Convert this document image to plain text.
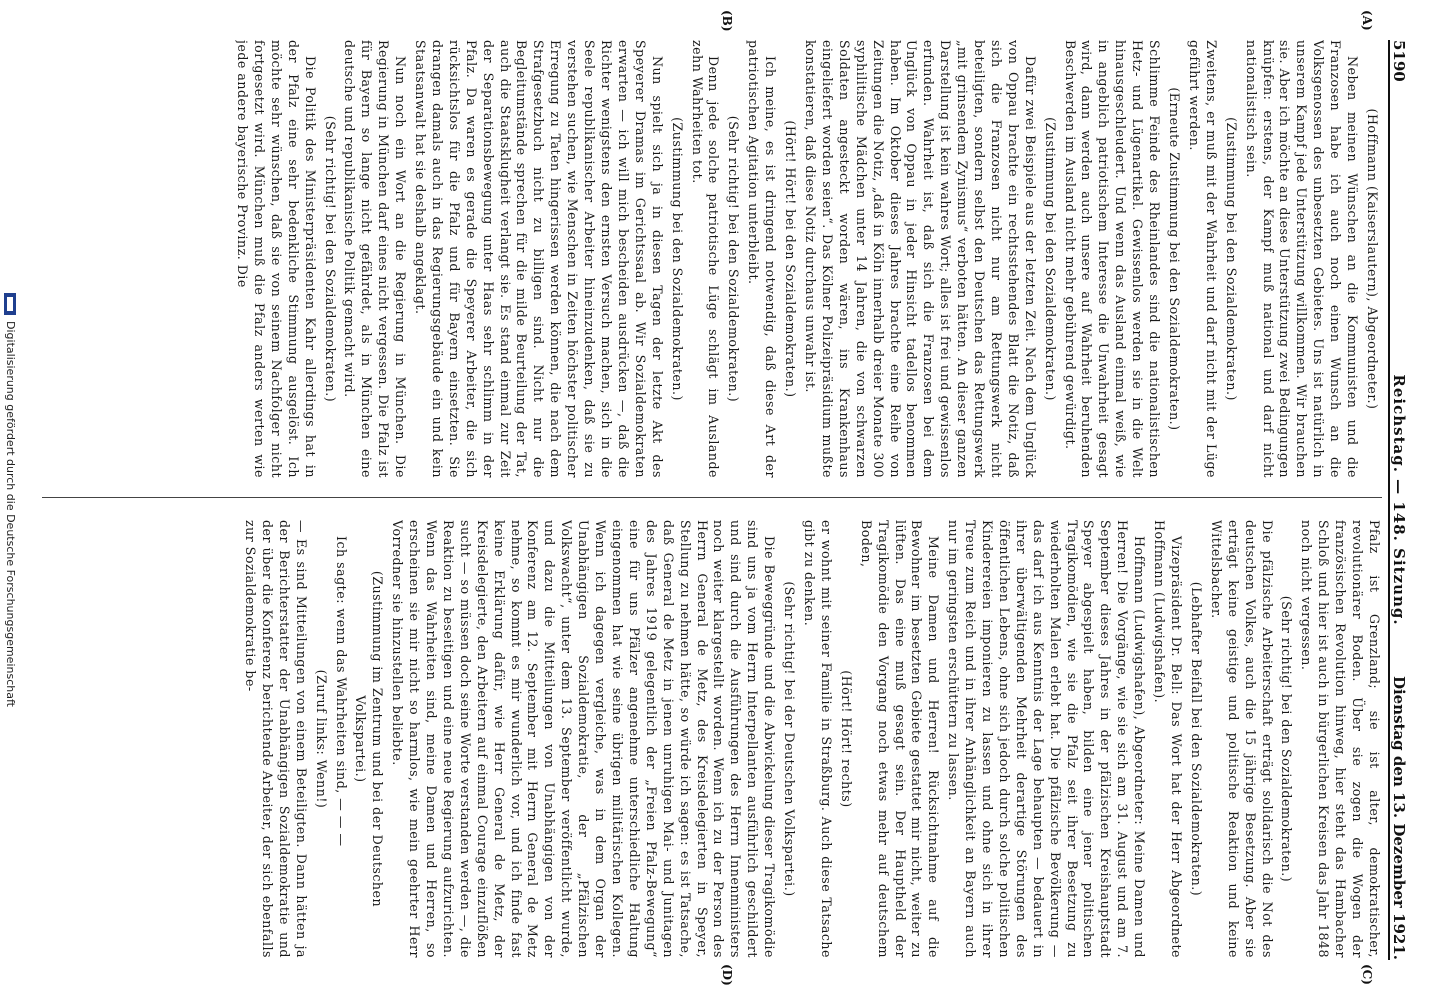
5190
Reichstag. — 148. Sitzung.
Dienstag den 13. Dezember 1921.
(A)
(B)
(C)
(D)

(Hoffmann (Kaiserslautern), Abgeordneter.)

Neben meinen Wünschen an die Kommunisten und die Franzosen habe ich auch noch einen Wunsch an die Volksgenossen des unbesetzten Gebietes. Uns ist natürlich in unserem Kampf jede Unterstützung willkommen. Wir brauchen sie. Aber ich möchte an diese Unterstützung zwei Bedingungen knüpfen: erstens, der Kampf muß national und darf nicht nationalistisch sein.

(Zustimmung bei den Sozialdemokraten.)

Zweitens, er muß mit der Wahrheit und darf nicht mit der Lüge geführt werden.

(Erneute Zustimmung bei den Sozialdemokraten.)

Schlimme Feinde des Rheinlandes sind die nationalistischen Hetz- und Lügenartikel. Gewissenlos werden sie in die Welt hinausgeschleudert. Und wenn das Ausland einmal weiß, wie in angeblich patriotischem Interesse die Unwahrheit gesagt wird, dann werden auch unsere auf Wahrheit beruhenden Beschwerden im Ausland nicht mehr gebührend gewürdigt.

(Zustimmung bei den Sozialdemokraten.)

Dafür zwei Beispiele aus der letzten Zeit. Nach dem Unglück von Oppau brachte ein rechtsstehendes Blatt die Notiz, daß sich die Franzosen nicht nur am Rettungswerk nicht beteiligten, sondern selbst den Deutschen das Rettungswerk „mit grinsendem Zynismus“ verboten hätten. An dieser ganzen Darstellung ist kein wahres Wort; alles ist frei und gewissenlos erfunden. Wahrheit ist, daß sich die Franzosen bei dem Unglück von Oppau in jeder Hinsicht tadellos benommen haben. Im Oktober dieses Jahres brachte eine Reihe von Zeitungen die Notiz, „daß in Köln innerhalb dreier Monate 300 syphilitische Mädchen unter 14 Jahren, die von schwarzen Soldaten angesteckt worden wären, ins Krankenhaus eingeliefert worden seien“. Das Kölner Polizeipräsidium mußte konstatieren, daß diese Notiz durchaus unwahr ist.

(Hört! Hört! bei den Sozialdemokraten.)

Ich meine, es ist dringend notwendig, daß diese Art der patriotischen Agitation unterbleibt.

(Sehr richtig! bei den Sozialdemokraten.)

Denn jede solche patriotische Lüge schlägt im Auslande zehn Wahrheiten tot.

(Zustimmung bei den Sozialdemokraten.)

Nun spielt sich ja in diesen Tagen der letzte Akt des Speyerer Dramas im Gerichtssaal ab. Wir Sozialdemokraten erwarten — ich will mich bescheiden ausdrücken —, daß die Richter wenigstens den ernsten Versuch machen, sich in die Seele republikanischer Arbeiter hineinzudenken, daß sie zu verstehen suchen, wie Menschen in Zeiten höchster politischer Erregung zu Taten hingerissen werden können, die nach dem Strafgesetzbuch nicht zu billigen sind. Nicht nur die Begleitumstände sprechen für die milde Beurteilung der Tat, auch die Staatsklugheit verlangt sie. Es stand einmal zur Zeit der Separationsbewegung unter Haas sehr schlimm in der Pfalz. Da waren es gerade die Speyerer Arbeiter, die sich rücksichtslos für die Pfalz und für Bayern einsetzten. Sie drangen damals auch in das Regierungsgebäude ein und kein Staatsanwalt hat sie deshalb angeklagt.

Nun noch ein Wort an die Regierung in München. Die Regierung in München darf eines nicht vergessen. Die Pfalz ist für Bayern so lange nicht gefährdet, als in München eine deutsche und republikanische Politik gemacht wird.

(Sehr richtig! bei den Sozialdemokraten.)

Die Politik des Ministerpräsidenten Kahr allerdings hat in der Pfalz eine sehr bedenkliche Stimmung ausgelöst. Ich möchte sehr wünschen, daß sie von seinem Nachfolger nicht fortgesetzt wird. München muß die Pfalz anders werten wie jede andere bayerische Provinz. Die

Pfalz ist Grenzland; sie ist alter, demokratischer, revolutionärer Boden. Über sie zogen die Wogen der französischen Revolution hinweg, hier steht das Hambacher Schloß und hier ist auch in bürgerlichen Kreisen das Jahr 1848 noch nicht vergessen.

(Sehr richtig! bei den Sozialdemokraten.)

Die pfälzische Arbeiterschaft erträgt solidarisch die Not des deutschen Volkes, auch die 15 jährige Besetzung. Aber sie erträgt keine geistige und politische Reaktion und keine Wittelsbacher.

(Lebhafter Beifall bei den Sozialdemokraten.)

Vizepräsident Dr. Bell: Das Wort hat der Herr Abgeordnete Hoffmann (Ludwigshafen).

Hoffmann (Ludwigshafen), Abgeordneter: Meine Damen und Herren! Die Vorgänge, wie sie sich am 31. August und am 7. September dieses Jahres in der pfälzischen Kreishauptstadt Speyer abgespielt haben, bilden eine jener politischen Tragikomödien, wie sie die Pfalz seit ihrer Besetzung zu wiederholten Malen erlebt hat. Die pfälzische Bevölkerung — das darf ich aus Kenntnis der Lage behaupten — bedauert in ihrer überwältigenden Mehrheit derartige Störungen des öffentlichen Lebens, ohne sich jedoch durch solche politischen Kinderereien imponieren zu lassen und ohne sich in ihrer Treue zum Reich und in ihrer Anhänglichkeit an Bayern auch nur im geringsten erschüttern zu lassen.

Meine Damen und Herren! Rücksichtnahme auf die Bewohner im besetzten Gebiete gestattet mir nicht, weiter zu lüften. Das eine muß gesagt sein. Der Hauptheld der Tragikomödie den Vorgang noch etwas mehr auf deutschem Boden,

(Hört! Hört! rechts)

er wohnt mit seiner Familie in Straßburg. Auch diese Tatsache gibt zu denken.

(Sehr richtig! bei der Deutschen Volkspartei.)

Die Beweggründe und die Abwickelung dieser Tragikomödie sind uns ja vom Herrn Interpellanten ausführlich geschildert und sind durch die Ausführungen des Herrn Innenministers noch weiter klargestellt worden. Wenn ich zu der Person des Herrn General de Metz, des Kreisdelegierten in Speyer, Stellung zu nehmen hätte, so würde ich sagen: es ist Tatsache, daß General de Metz in jenen unruhigen Mai- und Junitagen des Jahres 1919 gelegentlich der „Freien Pfalz-Bewegung“ eine für uns Pfälzer angenehme unterschiedliche Haltung eingenommen hat wie seine übrigen militärischen Kollegen. Wenn ich dagegen vergleiche, was in dem Organ der Unabhängigen Sozialdemokratie, der „Pfälzischen Volkswacht“, unter dem 13. September veröffentlicht wurde, und dazu die Mitteilungen von Unabhängigen von der Konferenz am 12. September mit Herrn General de Metz nehme, so kommt es mir wunderlich vor, und ich finde fast keine Erklärung dafür, wie Herr General de Metz, der Kreisdelegierte, den Arbeitern auf einmal Courage einzuflößen sucht — so müssen doch seine Worte verstanden werden —, die Reaktion zu beseitigen und eine neue Regierung aufzurichten. Wenn das Wahrheiten sind, meine Damen und Herren, so erscheinen sie mir nicht so harmlos, wie mein geehrter Herr Vorredner sie hinzustellen beliebte.

(Zustimmung im Zentrum und bei der Deutschen Volkspartei.)

Ich sagte: wenn das Wahrheiten sind, — — —

(Zuruf links: Wenn!)

— Es sind Mitteilungen von einem Beteiligten. Dann hätten ja der Berichterstatter der Unabhängigen Sozialdemokratie und der über die Konferenz berichtende Arbeiter, der sich ebenfalls zur Sozialdemokratie be-

Digitalisierung gefördert durch die Deutsche Forschungsgemeinschaft
